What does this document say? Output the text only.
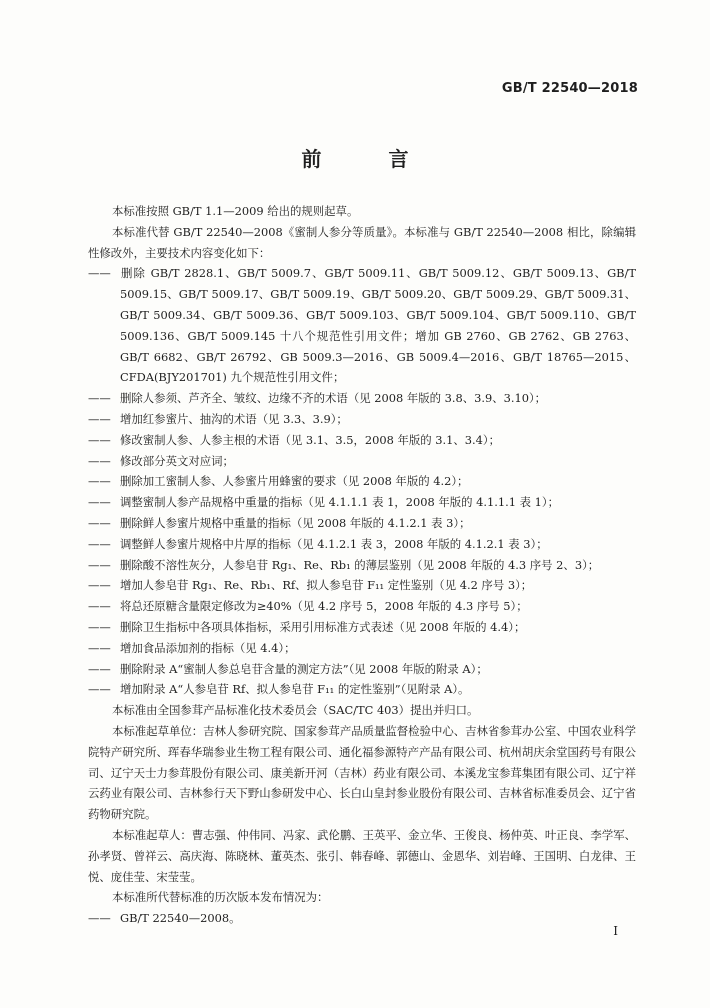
GB/T 22540—2018
前 言

本标准按照 GB/T 1.1—2009 给出的规则起草。

本标准代替 GB/T 22540—2008《蜜制人参分等质量》。本标准与 GB/T 22540—2008 相比，除编辑性修改外，主要技术内容变化如下：

—— 删除 GB/T 2828.1、GB/T 5009.7、GB/T 5009.11、GB/T 5009.12、GB/T 5009.13、GB/T 5009.15、GB/T 5009.17、GB/T 5009.19、GB/T 5009.20、GB/T 5009.29、GB/T 5009.31、GB/T 5009.34、GB/T 5009.36、GB/T 5009.103、GB/T 5009.104、GB/T 5009.110、GB/T 5009.136、GB/T 5009.145 十八个规范性引用文件；增加 GB 2760、GB 2762、GB 2763、GB/T 6682、GB/T 26792、GB 5009.3—2016、GB 5009.4—2016、GB/T 18765—2015、CFDA(BJY201701) 九个规范性引用文件；

—— 删除人参须、芦齐全、皱纹、边缘不齐的术语（见 2008 年版的 3.8、3.9、3.10）；

—— 增加红参蜜片、抽沟的术语（见 3.3、3.9）；

—— 修改蜜制人参、人参主根的术语（见 3.1、3.5，2008 年版的 3.1、3.4）；

—— 修改部分英文对应词；

—— 删除加工蜜制人参、人参蜜片用蜂蜜的要求（见 2008 年版的 4.2）；

—— 调整蜜制人参产品规格中重量的指标（见 4.1.1.1 表 1，2008 年版的 4.1.1.1 表 1）；

—— 删除鲜人参蜜片规格中重量的指标（见 2008 年版的 4.1.2.1 表 3）；

—— 调整鲜人参蜜片规格中片厚的指标（见 4.1.2.1 表 3，2008 年版的 4.1.2.1 表 3）；

—— 删除酸不溶性灰分，人参皂苷 Rg₁、Re、Rb₁ 的薄层鉴别（见 2008 年版的 4.3 序号 2、3）；

—— 增加人参皂苷 Rg₁、Re、Rb₁、Rf、拟人参皂苷 F₁₁ 定性鉴别（见 4.2 序号 3）；

—— 将总还原糖含量限定修改为≥40%（见 4.2 序号 5，2008 年版的 4.3 序号 5）；

—— 删除卫生指标中各项具体指标，采用引用标准方式表述（见 2008 年版的 4.4）；

—— 增加食品添加剂的指标（见 4.4）；

—— 删除附录 A“蜜制人参总皂苷含量的测定方法”（见 2008 年版的附录 A）；

—— 增加附录 A“人参皂苷 Rf、拟人参皂苷 F₁₁ 的定性鉴别”（见附录 A）。

本标准由全国参茸产品标准化技术委员会（SAC/TC 403）提出并归口。

本标准起草单位：吉林人参研究院、国家参茸产品质量监督检验中心、吉林省参茸办公室、中国农业科学院特产研究所、珲春华瑞参业生物工程有限公司、通化福参源特产产品有限公司、杭州胡庆余堂国药号有限公司、辽宁天士力参茸股份有限公司、康美新开河（吉林）药业有限公司、本溪龙宝参茸集团有限公司、辽宁祥云药业有限公司、吉林参行天下野山参研发中心、长白山皇封参业股份有限公司、吉林省标准委员会、辽宁省药物研究院。

本标准起草人：曹志强、仲伟同、冯家、武伦鹏、王英平、金立华、王俊良、杨仲英、叶正良、李学军、孙孝贤、曾祥云、高庆海、陈晓林、董英杰、张引、韩春峰、郭德山、金恩华、刘岩峰、王国明、白龙律、王悦、庞佳莹、宋莹莹。

本标准所代替标准的历次版本发布情况为：

—— GB/T 22540—2008。

I
